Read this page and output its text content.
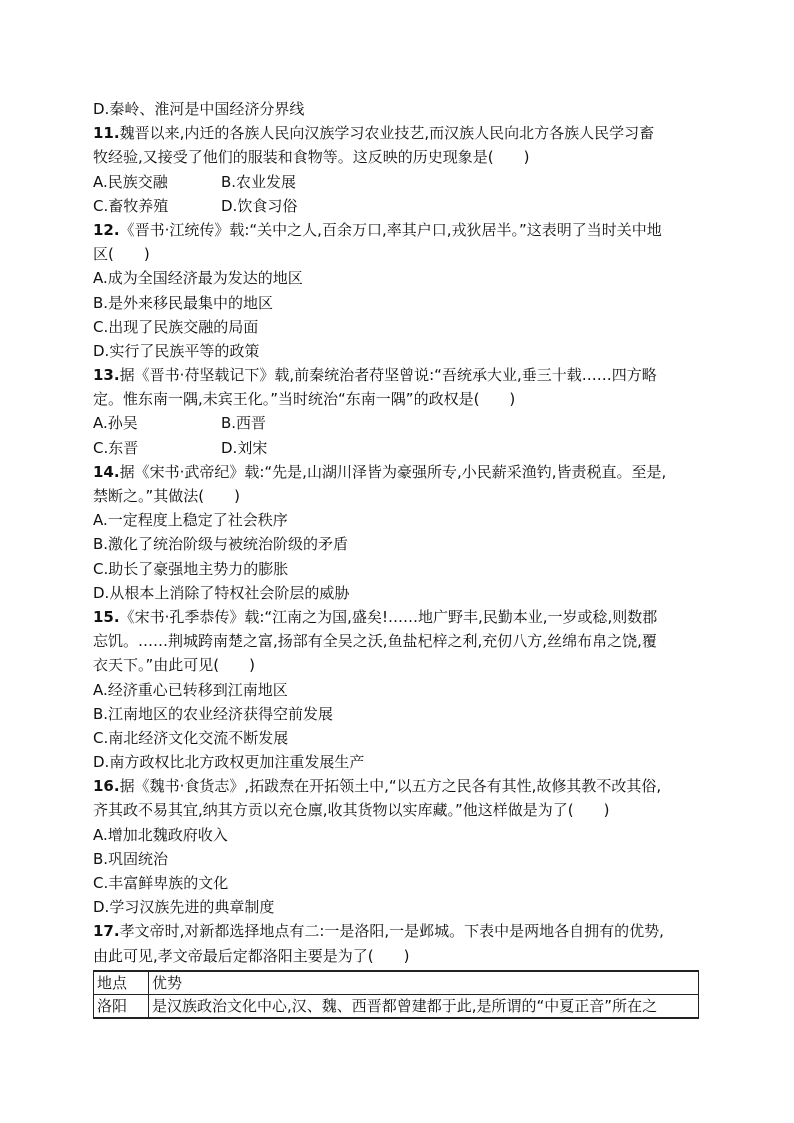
D.秦岭、淮河是中国经济分界线
11.魏晋以来,内迁的各族人民向汉族学习农业技艺,而汉族人民向北方各族人民学习畜
牧经验,又接受了他们的服装和食物等。这反映的历史现象是(　　)
A.民族交融	B.农业发展
C.畜牧养殖	D.饮食习俗
12.《晋书·江统传》载:“关中之人,百余万口,率其户口,戎狄居半。”这表明了当时关中地
区(　　)
A.成为全国经济最为发达的地区
B.是外来移民最集中的地区
C.出现了民族交融的局面
D.实行了民族平等的政策
13.据《晋书·苻坚载记下》载,前秦统治者苻坚曾说:“吾统承大业,垂三十载……四方略
定。惟东南一隅,未宾王化。”当时统治“东南一隅”的政权是(　　)
A.孙吴	B.西晋
C.东晋	D.刘宋
14.据《宋书·武帝纪》载:“先是,山湖川泽皆为豪强所专,小民薪采渔钓,皆责税直。至是,
禁断之。”其做法(　　)
A.一定程度上稳定了社会秩序
B.激化了统治阶级与被统治阶级的矛盾
C.助长了豪强地主势力的膨胀
D.从根本上消除了特权社会阶层的威胁
15.《宋书·孔季恭传》载:“江南之为国,盛矣!……地广野丰,民勤本业,一岁或稔,则数郡
忘饥。……荆城跨南楚之富,扬部有全吴之沃,鱼盐杞梓之利,充仞八方,丝绵布帛之饶,覆
衣天下。”由此可见(　　)
A.经济重心已转移到江南地区
B.江南地区的农业经济获得空前发展
C.南北经济文化交流不断发展
D.南方政权比北方政权更加注重发展生产
16.据《魏书·食货志》,拓跋焘在开拓领土中,“以五方之民各有其性,故修其教不改其俗,
齐其政不易其宜,纳其方贡以充仓廪,收其货物以实库藏。”他这样做是为了(　　)
A.增加北魏政府收入
B.巩固统治
C.丰富鲜卑族的文化
D.学习汉族先进的典章制度
17.孝文帝时,对新都选择地点有二:一是洛阳,一是邺城。下表中是两地各自拥有的优势,
由此可见,孝文帝最后定都洛阳主要是为了(　　)
地点	优势
洛阳	是汉族政治文化中心,汉、魏、西晋都曾建都于此,是所谓的“中夏正音”所在之
